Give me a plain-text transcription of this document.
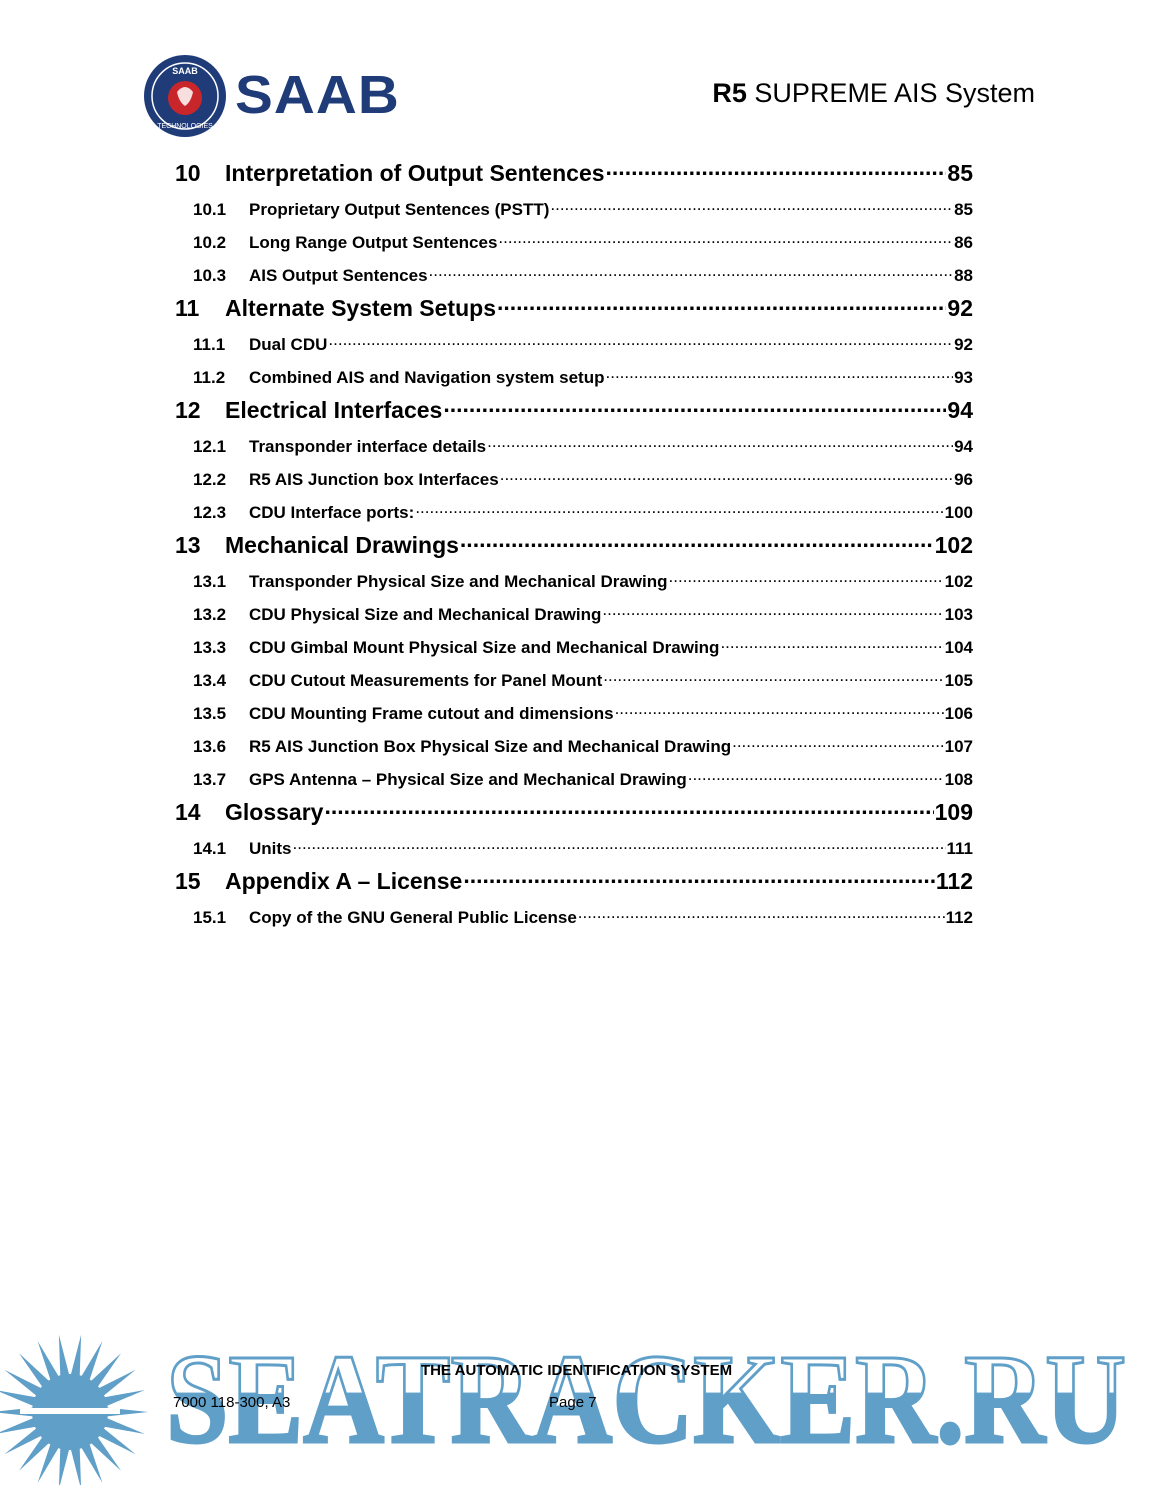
SAAB
TECHNOLOGIES
SAAB	R5 SUPREME AIS System
10	Interpretation of Output Sentences .....	85
10.1	Proprietary Output Sentences (PSTT) .....	85
10.2	Long Range Output Sentences .....	86
10.3	AIS Output Sentences .....	88
11	Alternate System Setups .....	92
11.1	Dual CDU .....	92
11.2	Combined AIS and Navigation system setup .....	93
12	Electrical Interfaces .....	94
12.1	Transponder interface details .....	94
12.2	R5 AIS Junction box Interfaces .....	96
12.3	CDU Interface ports: .....	100
13	Mechanical Drawings .....	102
13.1	Transponder Physical Size and Mechanical Drawing .....	102
13.2	CDU Physical Size and Mechanical Drawing .....	103
13.3	CDU Gimbal Mount Physical Size and Mechanical Drawing .....	104
13.4	CDU Cutout Measurements for Panel Mount .....	105
13.5	CDU Mounting Frame cutout and dimensions .....	106
13.6	R5 AIS Junction Box Physical Size and Mechanical Drawing .....	107
13.7	GPS Antenna – Physical Size and Mechanical Drawing .....	108
14	Glossary .....	109
14.1	Units .....	111
15	Appendix A – License .....	112
15.1	Copy of the GNU General Public License .....	112
SEATRACKER.RU
THE AUTOMATIC IDENTIFICATION SYSTEM
7000 118-300, A3	Page 7
